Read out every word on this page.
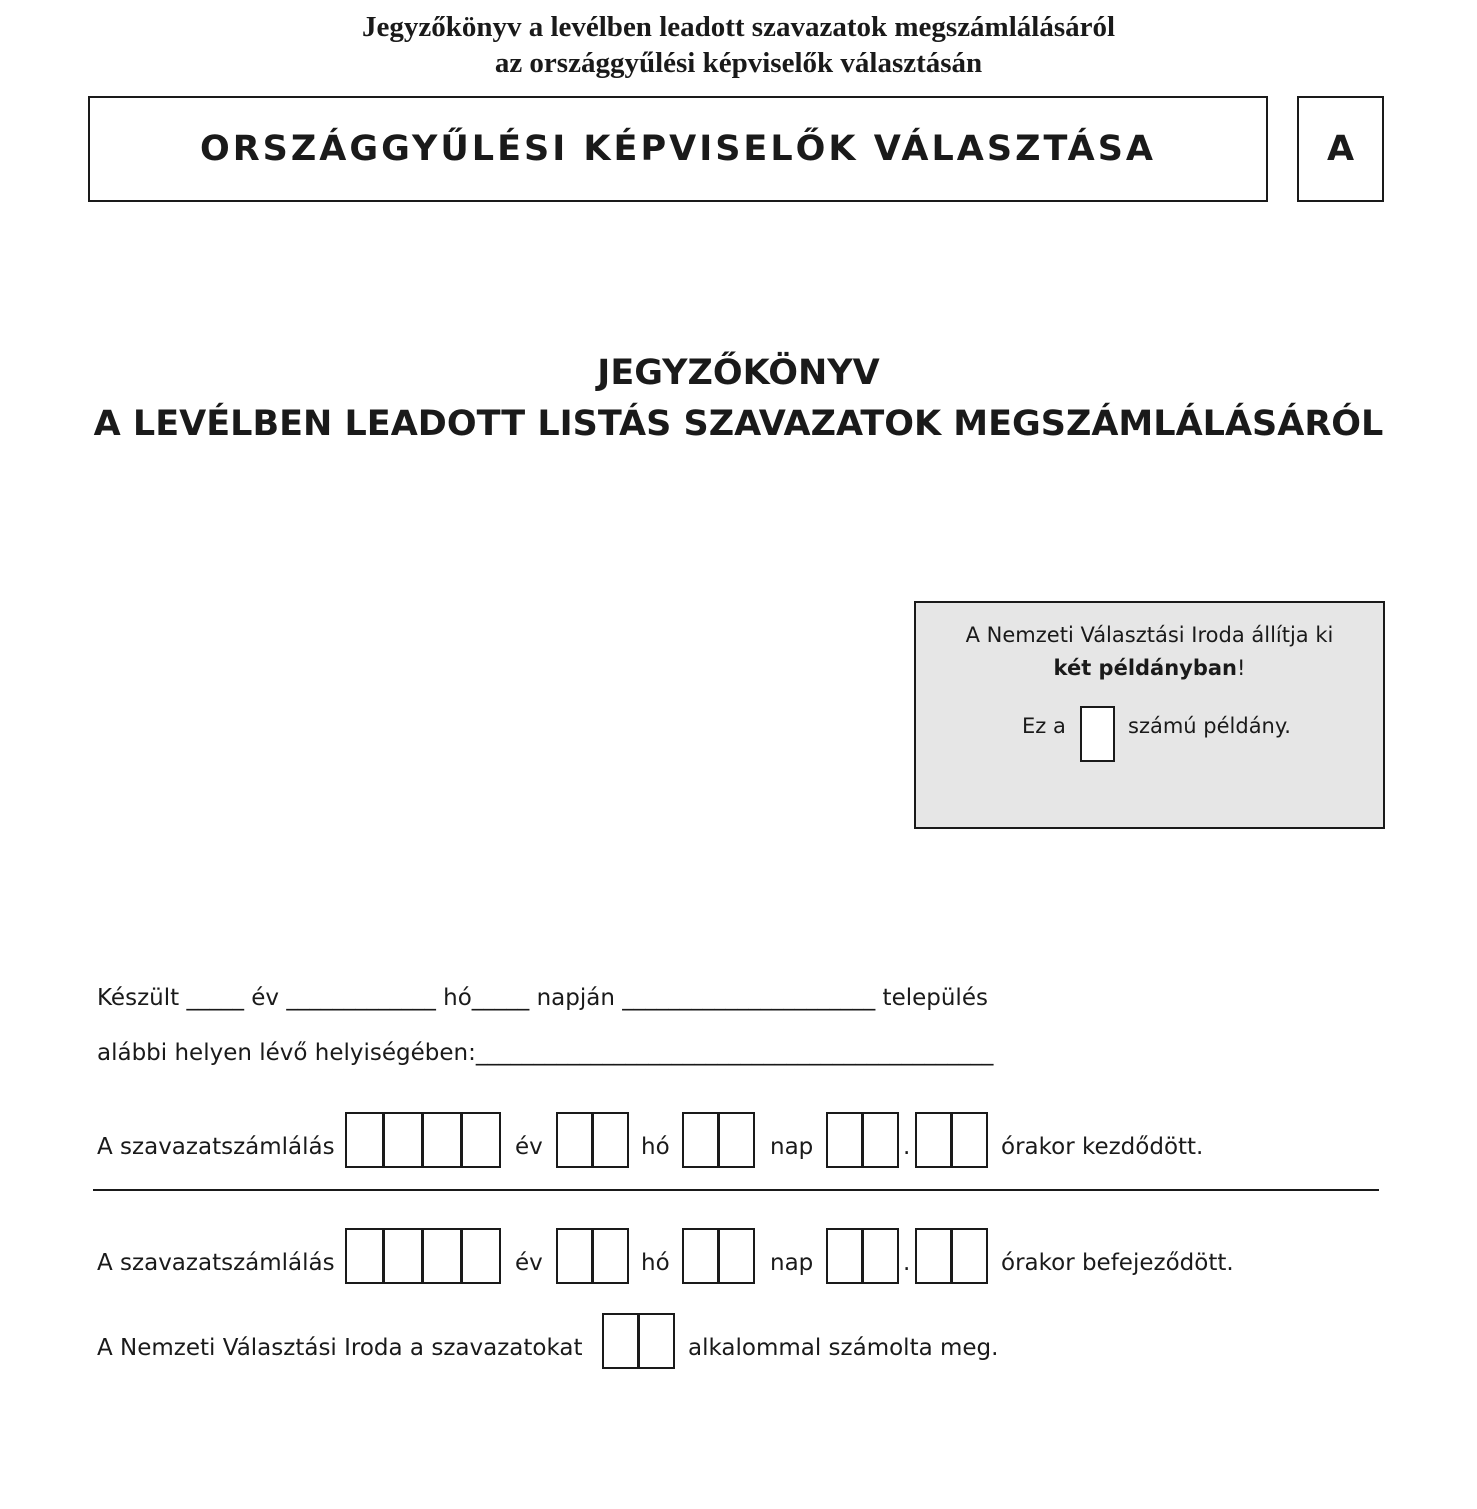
Jegyzőkönyv a levélben leadott szavazatok megszámlálásáról
az országgyűlési képviselők választásán
ORSZÁGGYŰLÉSI KÉPVISELŐK VÁLASZTÁSA	A
JEGYZŐKÖNYV
A LEVÉLBEN LEADOTT LISTÁS SZAVAZATOK MEGSZÁMLÁLÁSÁRÓL
A Nemzeti Választási Iroda állítja ki
két példányban!
Ez a	számú példány.
Készült _____ év _____________ hó_____ napján ______________________ település
alábbi helyen lévő helyiségében:_____________________________________________
A szavazatszámlálás	év	hó	nap	.	órakor kezdődött.
A szavazatszámlálás	év	hó	nap	.	órakor befejeződött.
A Nemzeti Választási Iroda a szavazatokat	alkalommal számolta meg.
